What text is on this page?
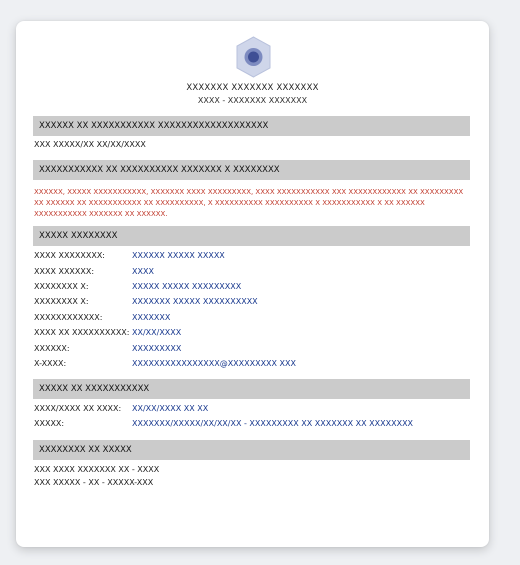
XXXXXXX XXXXXXX XXXXXXX
XXXX - XXXXXXX XXXXXXX
XXXXXX XX XXXXXXXXXXX XXXXXXXXXXXXXXXXXXX
XXX XXXXX/XX XX/XX/XXXX
XXXXXXXXXXX XX XXXXXXXXXX XXXXXXX X XXXXXXXX
XXXXXX, XXXXX XXXXXXXXXXX, XXXXXXX XXXX XXXXXXXXX, XXXX XXXXXXXXXXX XXX XXXXXXXXXXXX XX XXXXXXXXX XX XXXXXX XX XXXXXXXXXXX XX XXXXXXXXXX, X XXXXXXXXXX XXXXXXXXXX X XXXXXXXXXXX X XX XXXXXX XXXXXXXXXXX XXXXXXX XX XXXXXX.
XXXXX XXXXXXXX
XXXX XXXXXXXX:	XXXXXX XXXXX XXXXX
XXXX XXXXXX:	XXXX
XXXXXXXX X:	XXXXX XXXXX XXXXXXXXX
XXXXXXXX X:	XXXXXXX XXXXX XXXXXXXXXX
XXXXXXXXXXXX:	XXXXXXX
XXXX XX XXXXXXXXXX: XX/XX/XXXX
XXXXXX:	XXXXXXXXX
X-XXXX:	XXXXXXXXXXXXXXXX@XXXXXXXXX XXX
XXXXX XX XXXXXXXXXXX
XXXX/XXXX XX XXXX: XX/XX/XXXX XX XX
XXXXX:	XXXXXXX/XXXXX/XX/XX/XX - XXXXXXXXX XX XXXXXXX XX XXXXXXXX
XXXXXXXX XX XXXXX
XXX XXXX XXXXXXX XX - XXXX
XXX XXXXX - XX - XXXXX-XXX
